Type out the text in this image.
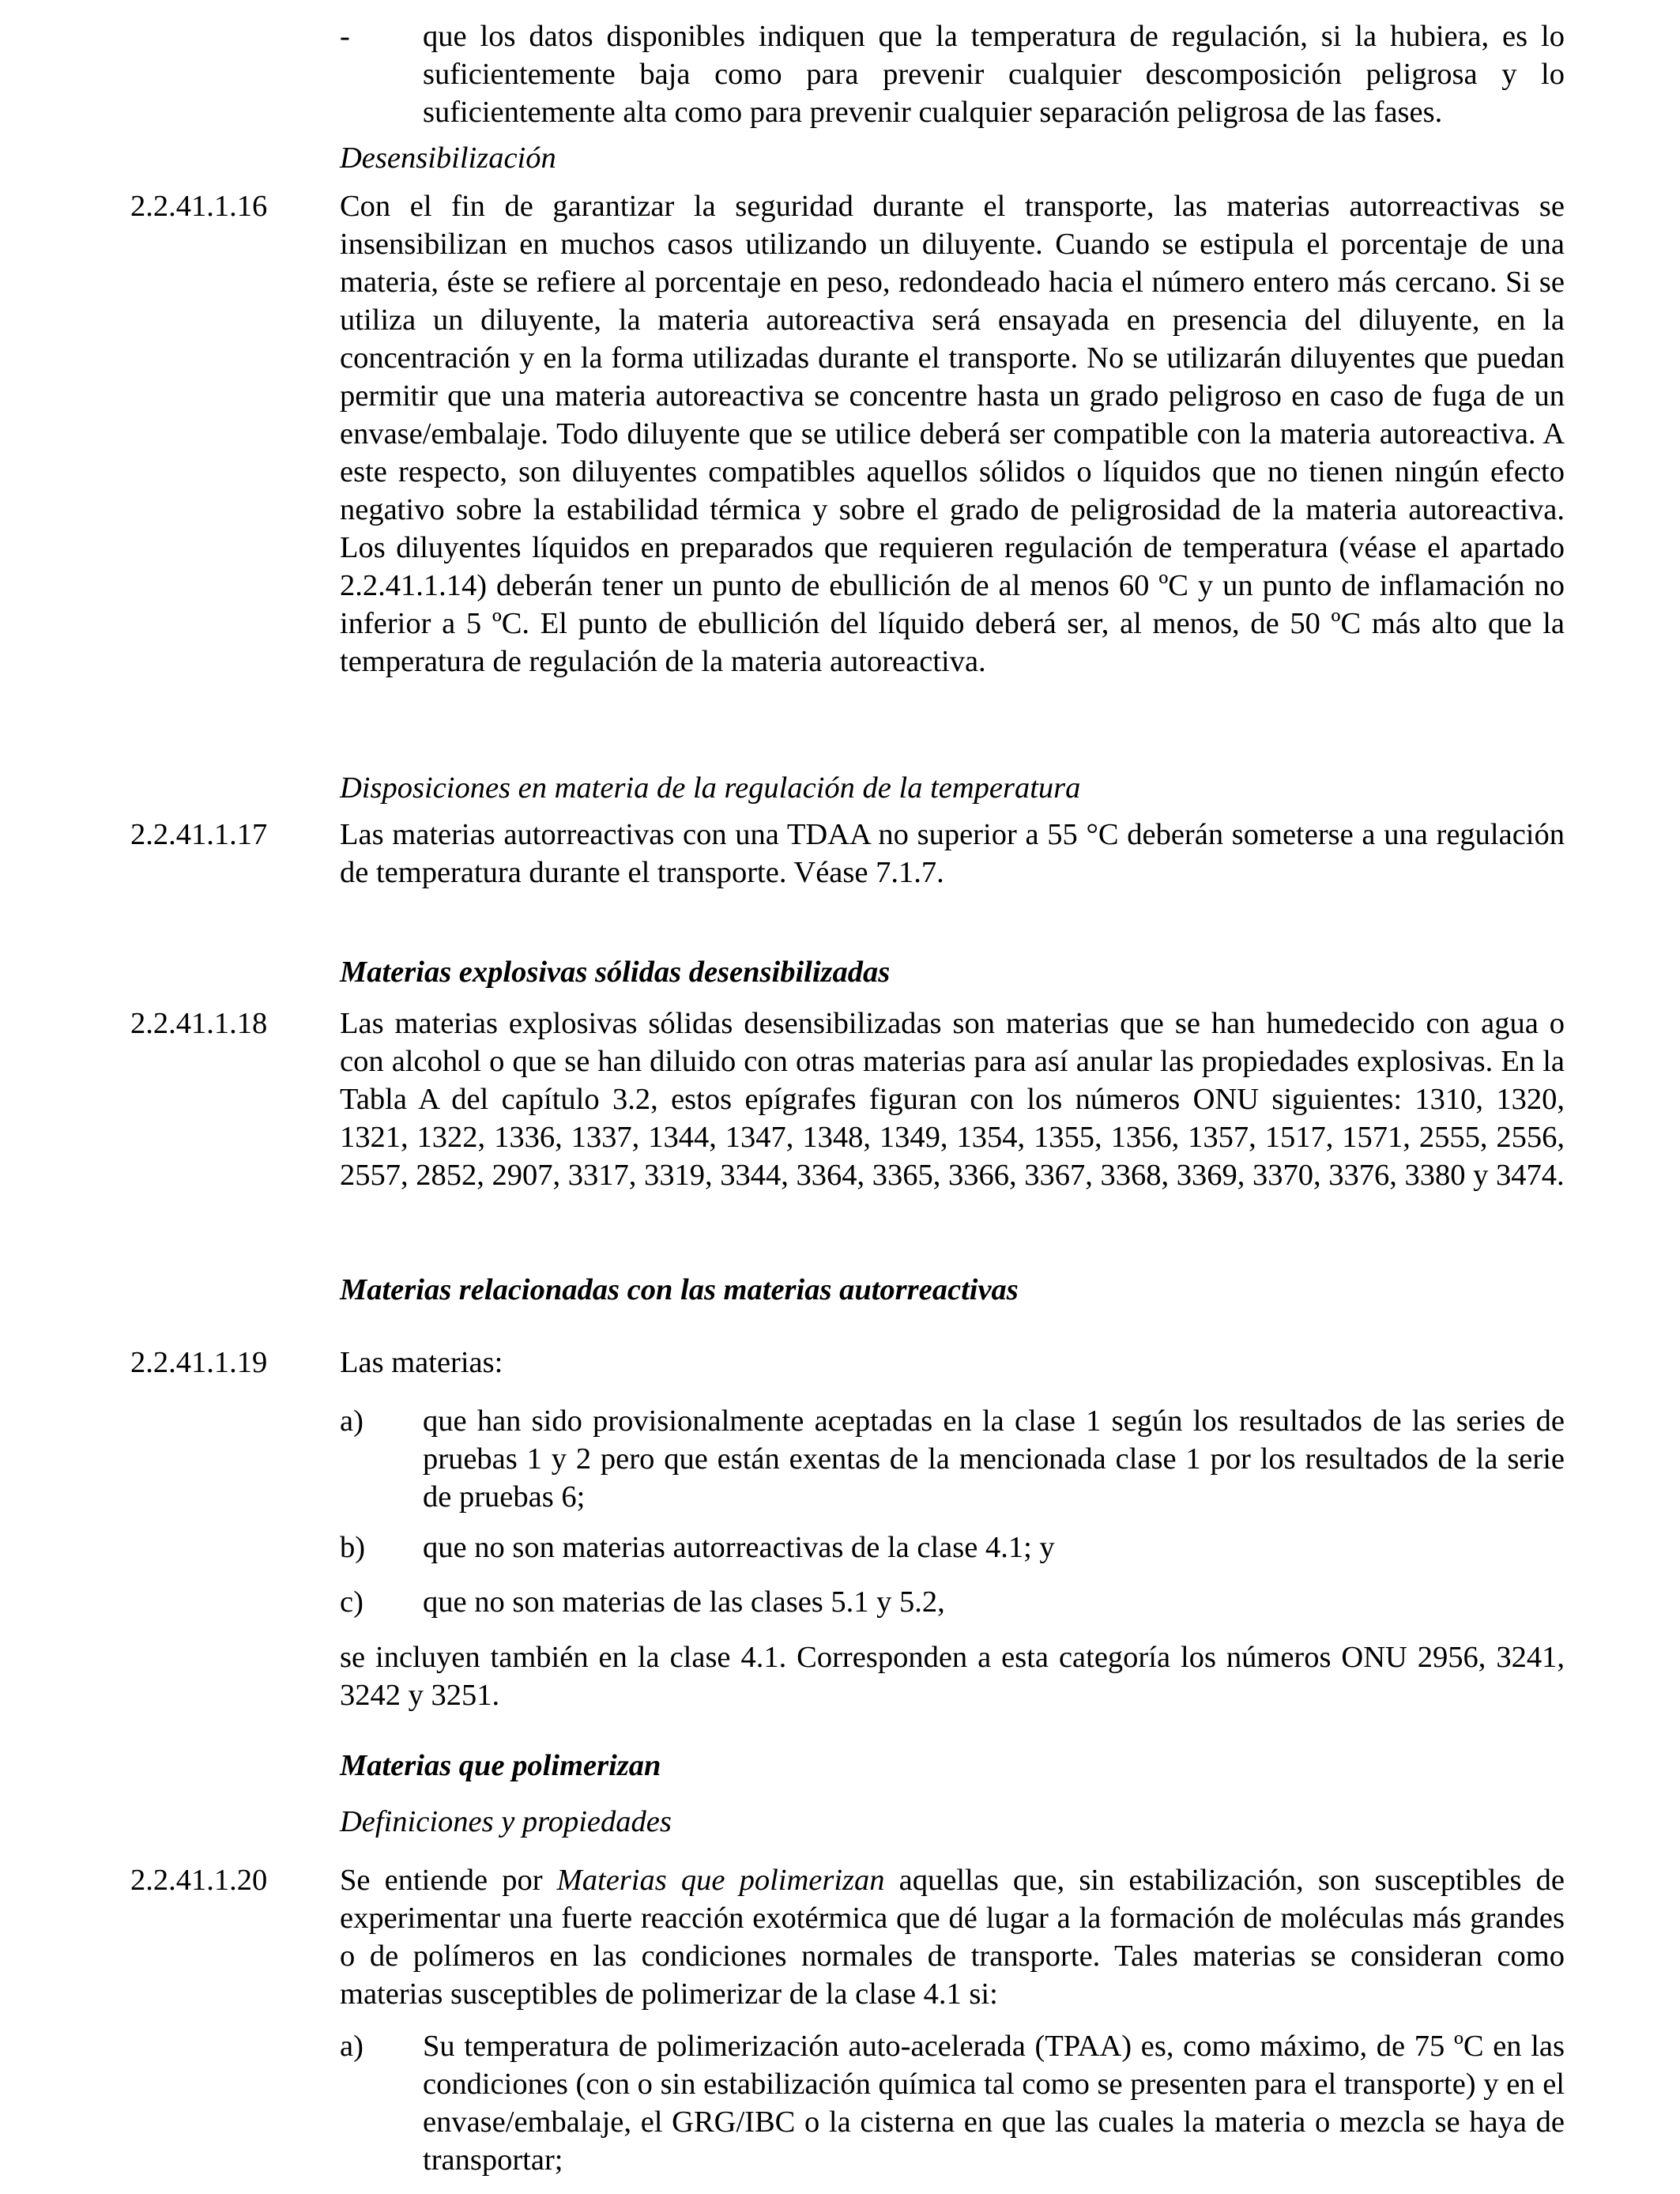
-	que los datos disponibles indiquen que la temperatura de regulación, si la hubiera, es lo suficientemente baja como para prevenir cualquier descomposición peligrosa y lo suficientemente alta como para prevenir cualquier separación peligrosa de las fases.

Desensibilización

2.2.41.1.16	Con el fin de garantizar la seguridad durante el transporte, las materias autorreactivas se insensibilizan en muchos casos utilizando un diluyente. Cuando se estipula el porcentaje de una materia, éste se refiere al porcentaje en peso, redondeado hacia el número entero más cercano. Si se utiliza un diluyente, la materia autoreactiva será ensayada en presencia del diluyente, en la concentración y en la forma utilizadas durante el transporte. No se utilizarán diluyentes que puedan permitir que una materia autoreactiva se concentre hasta un grado peligroso en caso de fuga de un envase/embalaje. Todo diluyente que se utilice deberá ser compatible con la materia autoreactiva. A este respecto, son diluyentes compatibles aquellos sólidos o líquidos que no tienen ningún efecto negativo sobre la estabilidad térmica y sobre el grado de peligrosidad de la materia autoreactiva. Los diluyentes líquidos en preparados que requieren regulación de temperatura (véase el apartado 2.2.41.1.14) deberán tener un punto de ebullición de al menos 60 ºC y un punto de inflamación no inferior a 5 ºC. El punto de ebullición del líquido deberá ser, al menos, de 50 ºC más alto que la temperatura de regulación de la materia autoreactiva.

Disposiciones en materia de la regulación de la temperatura

2.2.41.1.17	Las materias autorreactivas con una TDAA no superior a 55 °C deberán someterse a una regulación de temperatura durante el transporte. Véase 7.1.7.

Materias explosivas sólidas desensibilizadas

2.2.41.1.18	Las materias explosivas sólidas desensibilizadas son materias que se han humedecido con agua o con alcohol o que se han diluido con otras materias para así anular las propiedades explosivas. En la Tabla A del capítulo 3.2, estos epígrafes figuran con los números ONU siguientes: 1310, 1320, 1321, 1322, 1336, 1337, 1344, 1347, 1348, 1349, 1354, 1355, 1356, 1357, 1517, 1571, 2555, 2556, 2557, 2852, 2907, 3317, 3319, 3344, 3364, 3365, 3366, 3367, 3368, 3369, 3370, 3376, 3380 y 3474.

Materias relacionadas con las materias autorreactivas

2.2.41.1.19	Las materias:

a)	que han sido provisionalmente aceptadas en la clase 1 según los resultados de las series de pruebas 1 y 2 pero que están exentas de la mencionada clase 1 por los resultados de la serie de pruebas 6;

b)	que no son materias autorreactivas de la clase 4.1; y

c)	que no son materias de las clases 5.1 y 5.2,

se incluyen también en la clase 4.1. Corresponden a esta categoría los números ONU 2956, 3241, 3242 y 3251.

Materias que polimerizan

Definiciones y propiedades

2.2.41.1.20	Se entiende por Materias que polimerizan aquellas que, sin estabilización, son susceptibles de experimentar una fuerte reacción exotérmica que dé lugar a la formación de moléculas más grandes o de polímeros en las condiciones normales de transporte. Tales materias se consideran como materias susceptibles de polimerizar de la clase 4.1 si:

a)	Su temperatura de polimerización auto-acelerada (TPAA) es, como máximo, de 75 ºC en las condiciones (con o sin estabilización química tal como se presenten para el transporte) y en el envase/embalaje, el GRG/IBC o la cisterna en que las cuales la materia o mezcla se haya de transportar;
